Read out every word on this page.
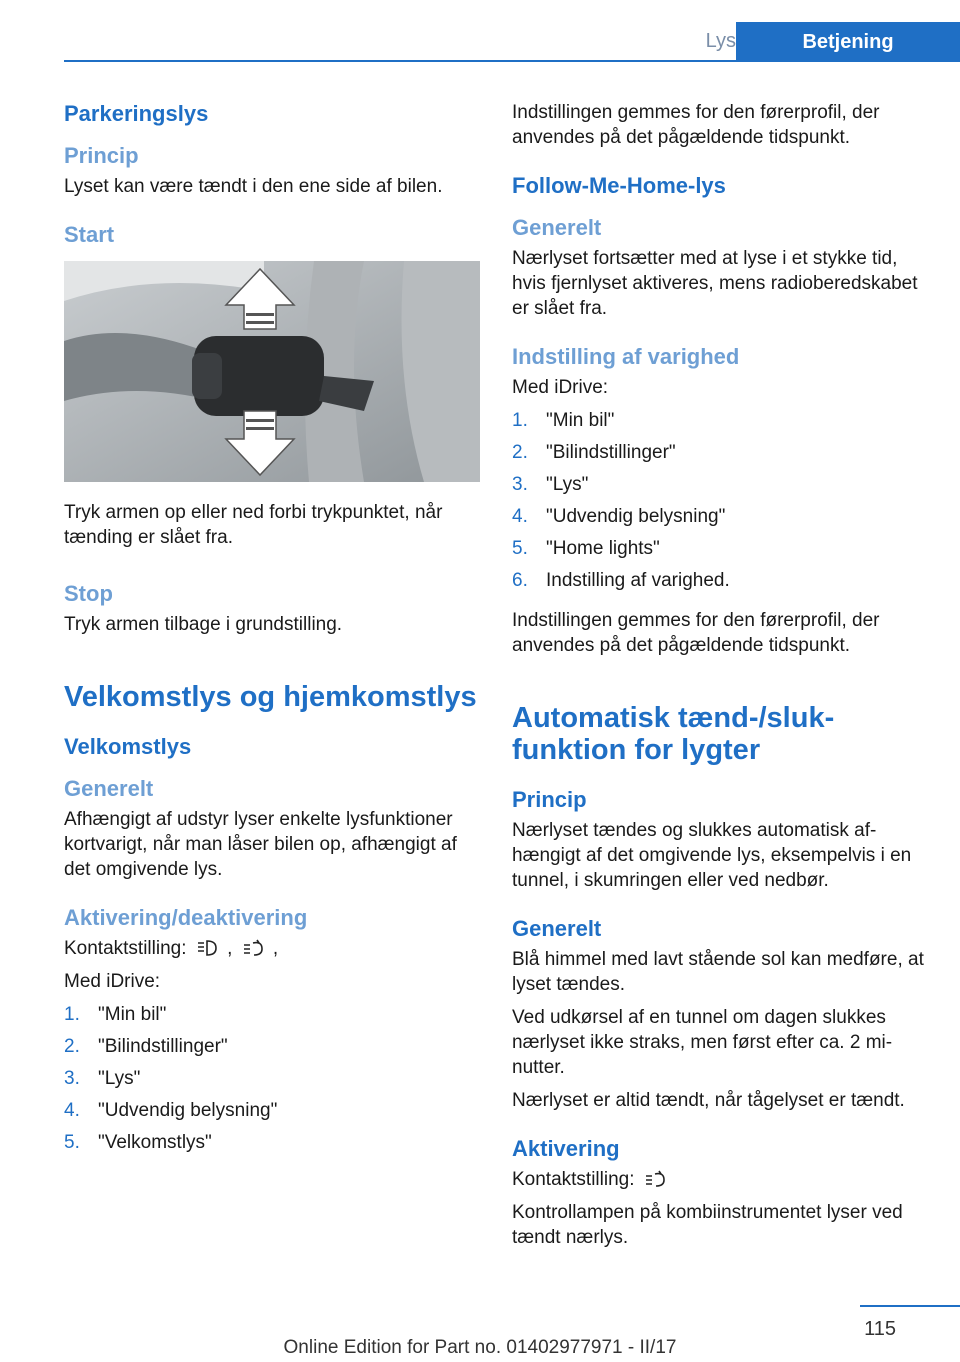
Lys	Betjening
Parkeringslys
Princip

Lyset kan være tændt i den ene side af bilen.

Start

Tryk armen op eller ned forbi trykpunktet, når tænding er slået fra.

Stop

Tryk armen tilbage i grundstilling.

Velkomstlys og hjemkomstlys
Velkomstlys
Generelt

Afhængigt af udstyr lyser enkelte lysfunktioner kortvarigt, når man låser bilen op, afhængigt af det omgivende lys.

Aktivering/deaktivering

Kontaktstilling: , ,

Med iDrive:

1. "Min bil"
2. "Bilindstillinger"
3. "Lys"
4. "Udvendig belysning"
5. "Velkomstlys"

Indstillingen gemmes for den førerprofil, der anvendes på det pågældende tidspunkt.

Follow-Me-Home-lys
Generelt

Nærlyset fortsætter med at lyse i et stykke tid, hvis fjernlyset aktiveres, mens radioberedskabet er slået fra.

Indstilling af varighed

Med iDrive:

1. "Min bil"
2. "Bilindstillinger"
3. "Lys"
4. "Udvendig belysning"
5. "Home lights"
6. Indstilling af varighed.

Indstillingen gemmes for den førerprofil, der anvendes på det pågældende tidspunkt.

Automatisk tænd-/sluk-funktion for lygter
Princip

Nærlyset tændes og slukkes automatisk afhængigt af det omgivende lys, eksempelvis i en tunnel, i skumringen eller ved nedbør.

Generelt

Blå himmel med lavt stående sol kan medføre, at lyset tændes.

Ved udkørsel af en tunnel om dagen slukkes nærlyset ikke straks, men først efter ca. 2 minutter.

Nærlyset er altid tændt, når tågelyset er tændt.

Aktivering

Kontaktstilling:

Kontrollampen på kombiinstrumentet lyser ved tændt nærlys.

115
Online Edition for Part no. 01402977971 - II/17
